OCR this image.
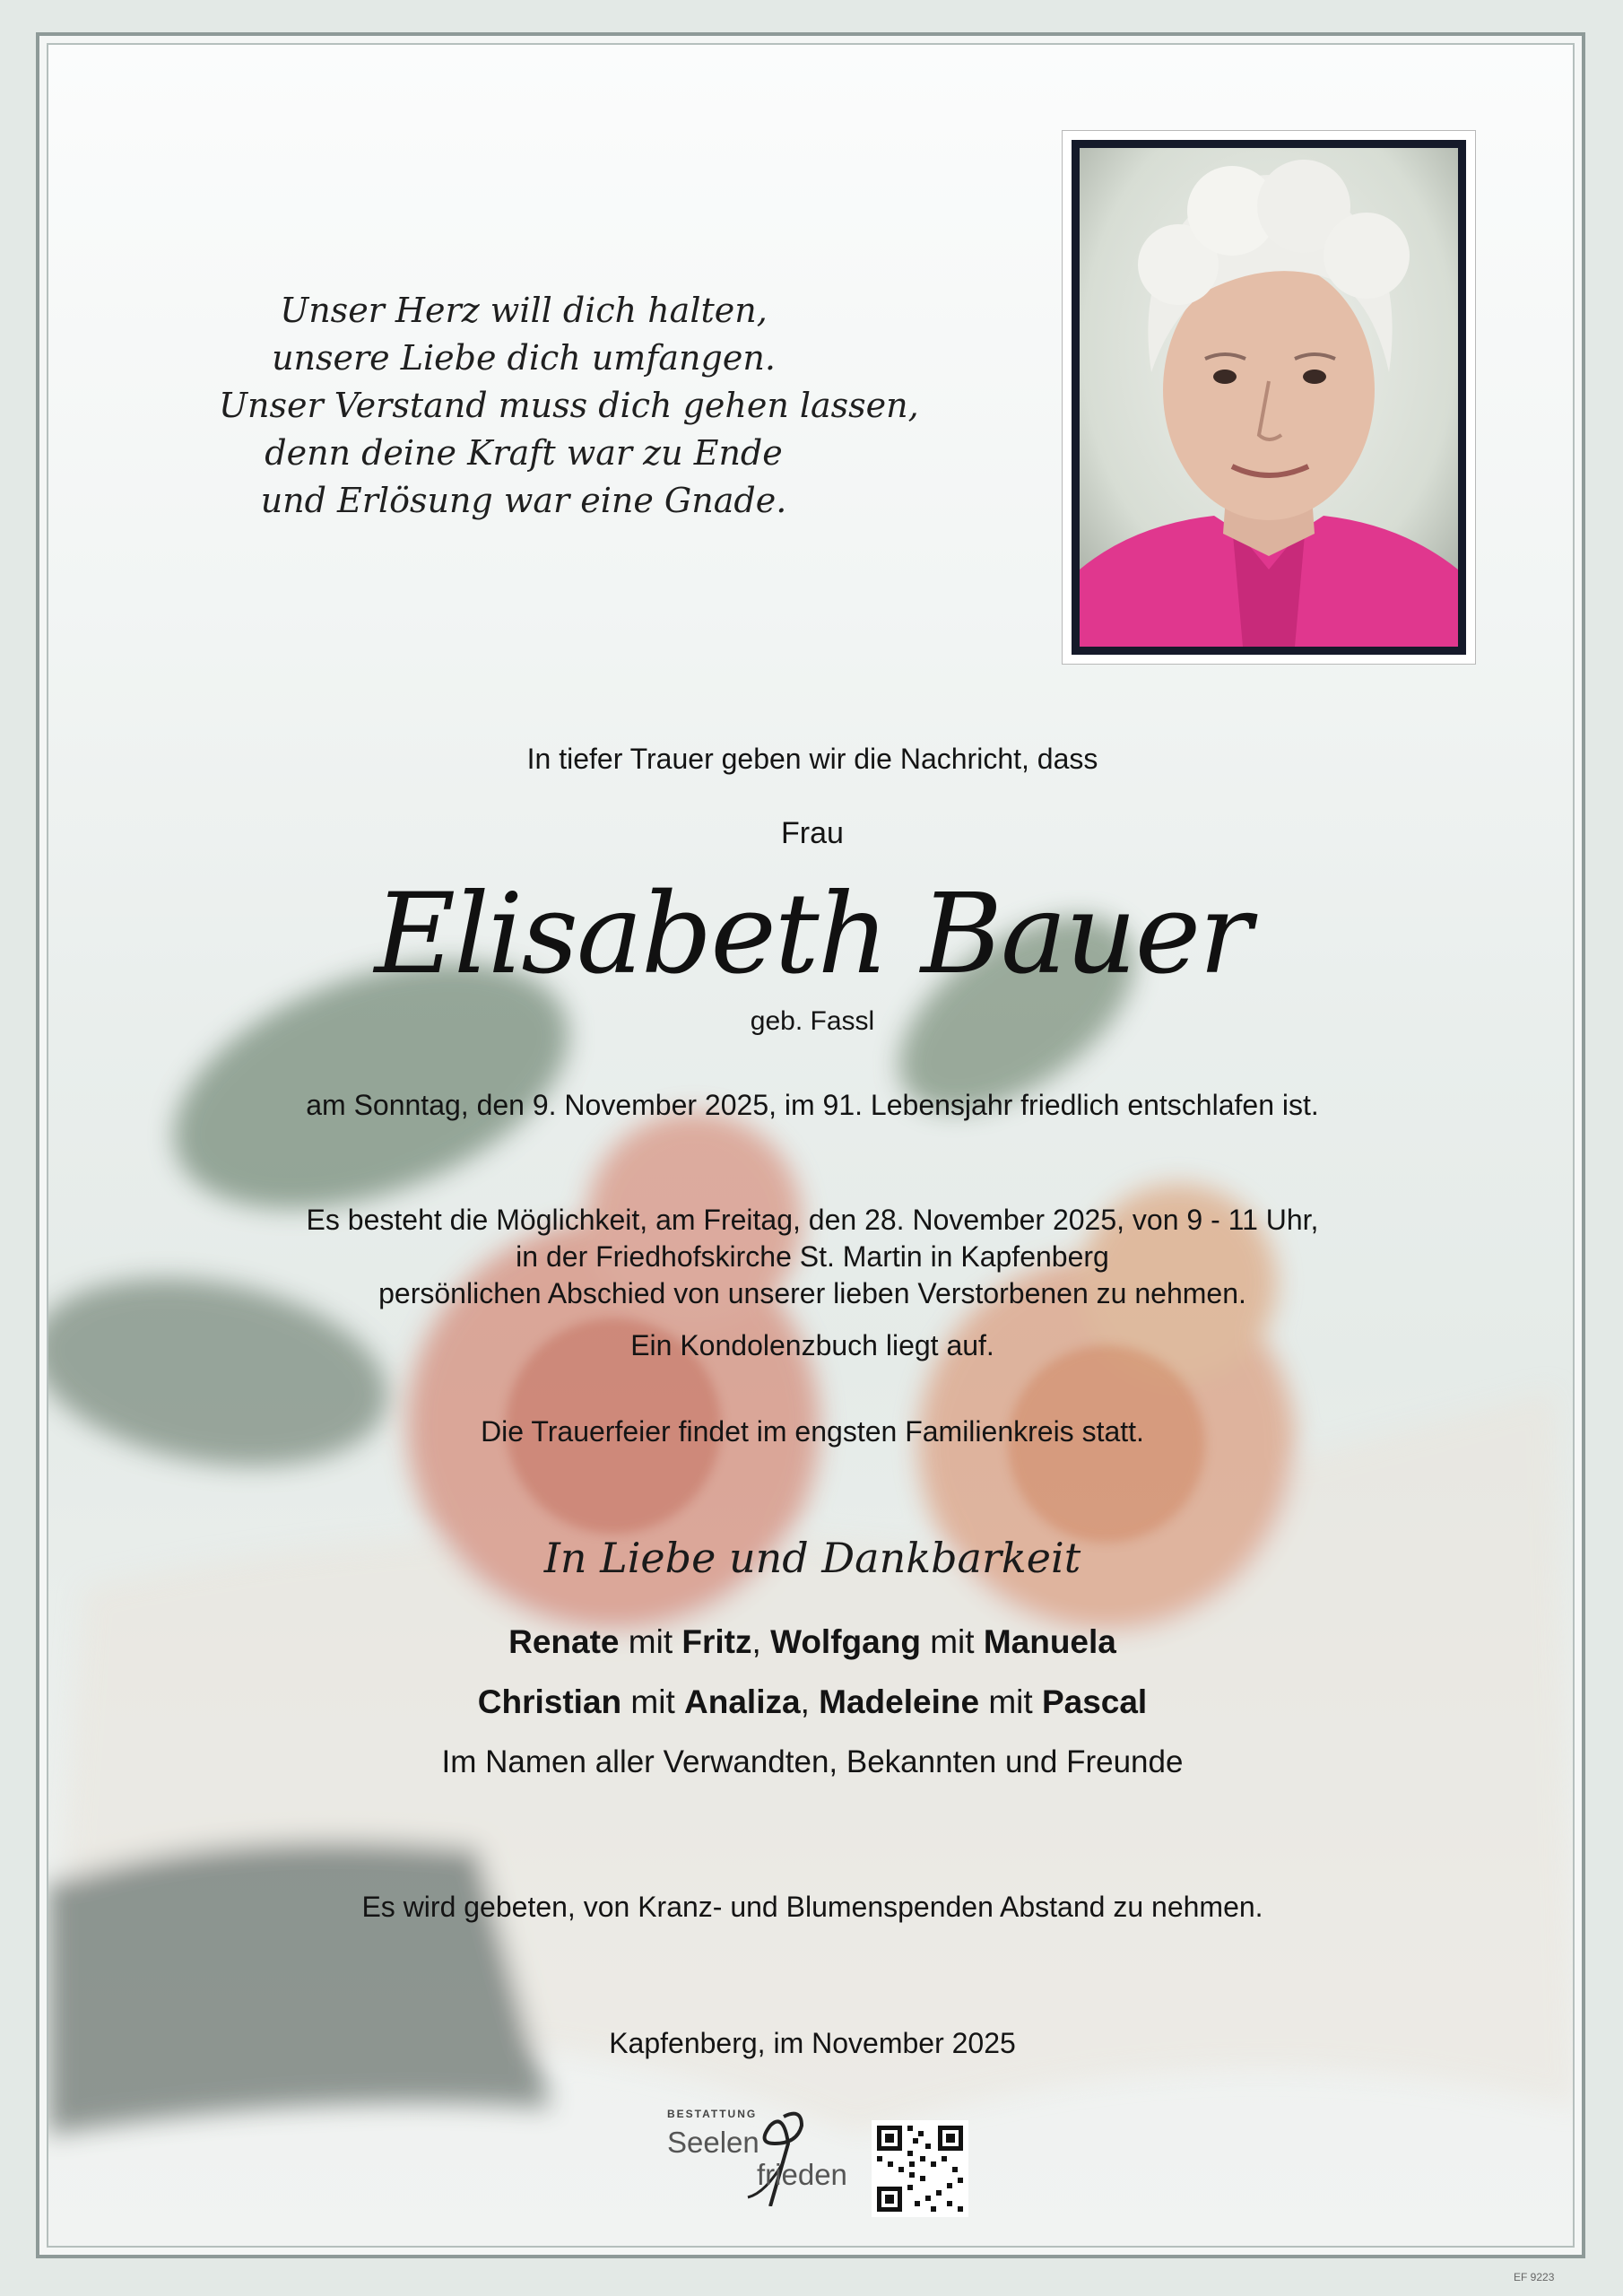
Unser Herz will dich halten,
unsere Liebe dich umfangen.
Unser Verstand muss dich gehen lassen,
denn deine Kraft war zu Ende
und Erlösung war eine Gnade.
In tiefer Trauer geben wir die Nachricht, dass
Frau
Elisabeth Bauer
geb. Fassl
am Sonntag, den 9. November 2025, im 91. Lebensjahr friedlich entschlafen ist.
Es besteht die Möglichkeit, am Freitag, den 28. November 2025, von 9 - 11 Uhr,
in der Friedhofskirche St. Martin in Kapfenberg
persönlichen Abschied von unserer lieben Verstorbenen zu nehmen.
Ein Kondolenzbuch liegt auf.
Die Trauerfeier findet im engsten Familienkreis statt.
In Liebe und Dankbarkeit
Renate mit Fritz, Wolfgang mit Manuela
Christian mit Analiza, Madeleine mit Pascal
Im Namen aller Verwandten, Bekannten und Freunde
Es wird gebeten, von Kranz- und Blumenspenden Abstand zu nehmen.
Kapfenberg, im November 2025
BESTATTUNG
Seelen
frieden
EF 9223
